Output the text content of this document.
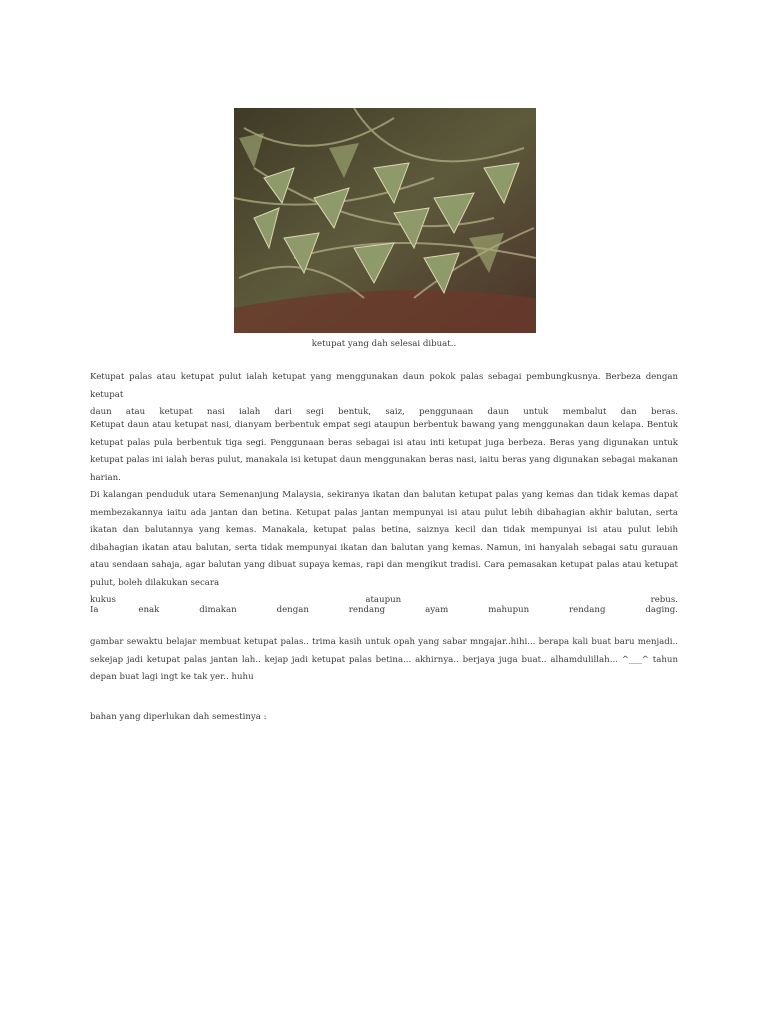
ketupat yang dah selesai dibuat..

Ketupat palas atau ketupat pulut ialah ketupat yang menggunakan daun pokok palas sebagai pembungkusnya. Berbeza dengan ketupat
daun atau ketupat nasi ialah dari segi bentuk, saiz, penggunaan daun untuk membalut dan beras.

Ketupat daun atau ketupat nasi, dianyam berbentuk empat segi ataupun berbentuk bawang yang menggunakan daun kelapa. Bentuk ketupat palas pula berbentuk tiga segi. Penggunaan beras sebagai isi atau inti ketupat juga berbeza. Beras yang digunakan untuk ketupat palas ini ialah beras pulut, manakala isi ketupat daun menggunakan beras nasi, iaitu beras yang digunakan sebagai makanan harian.

Di kalangan penduduk utara Semenanjung Malaysia, sekiranya ikatan dan balutan ketupat palas yang kemas dan tidak kemas dapat membezakannya iaitu ada jantan dan betina. Ketupat palas jantan mempunyai isi atau pulut lebih dibahagian akhir balutan, serta ikatan dan balutannya yang kemas. Manakala, ketupat palas betina, saiznya kecil dan tidak mempunyai isi atau pulut lebih dibahagian ikatan atau balutan, serta tidak mempunyai ikatan dan balutan yang kemas. Namun, ini hanyalah sebagai satu gurauan atau sendaan sahaja, agar balutan yang dibuat supaya kemas, rapi dan mengikut tradisi. Cara pemasakan ketupat palas atau ketupat pulut, boleh dilakukan secara
kukus ataupun rebus.

Ia enak dimakan dengan rendang ayam mahupun rendang daging.

gambar sewaktu belajar membuat ketupat palas.. trima kasih untuk opah yang sabar mngajar..hihi... berapa kali buat baru menjadi.. sekejap jadi ketupat palas jantan lah.. kejap jadi ketupat palas betina... akhirnya.. berjaya juga buat.. alhamdulillah... ^___^ tahun depan buat lagi ingt ke tak yer.. huhu

bahan yang diperlukan dah semestinya :
